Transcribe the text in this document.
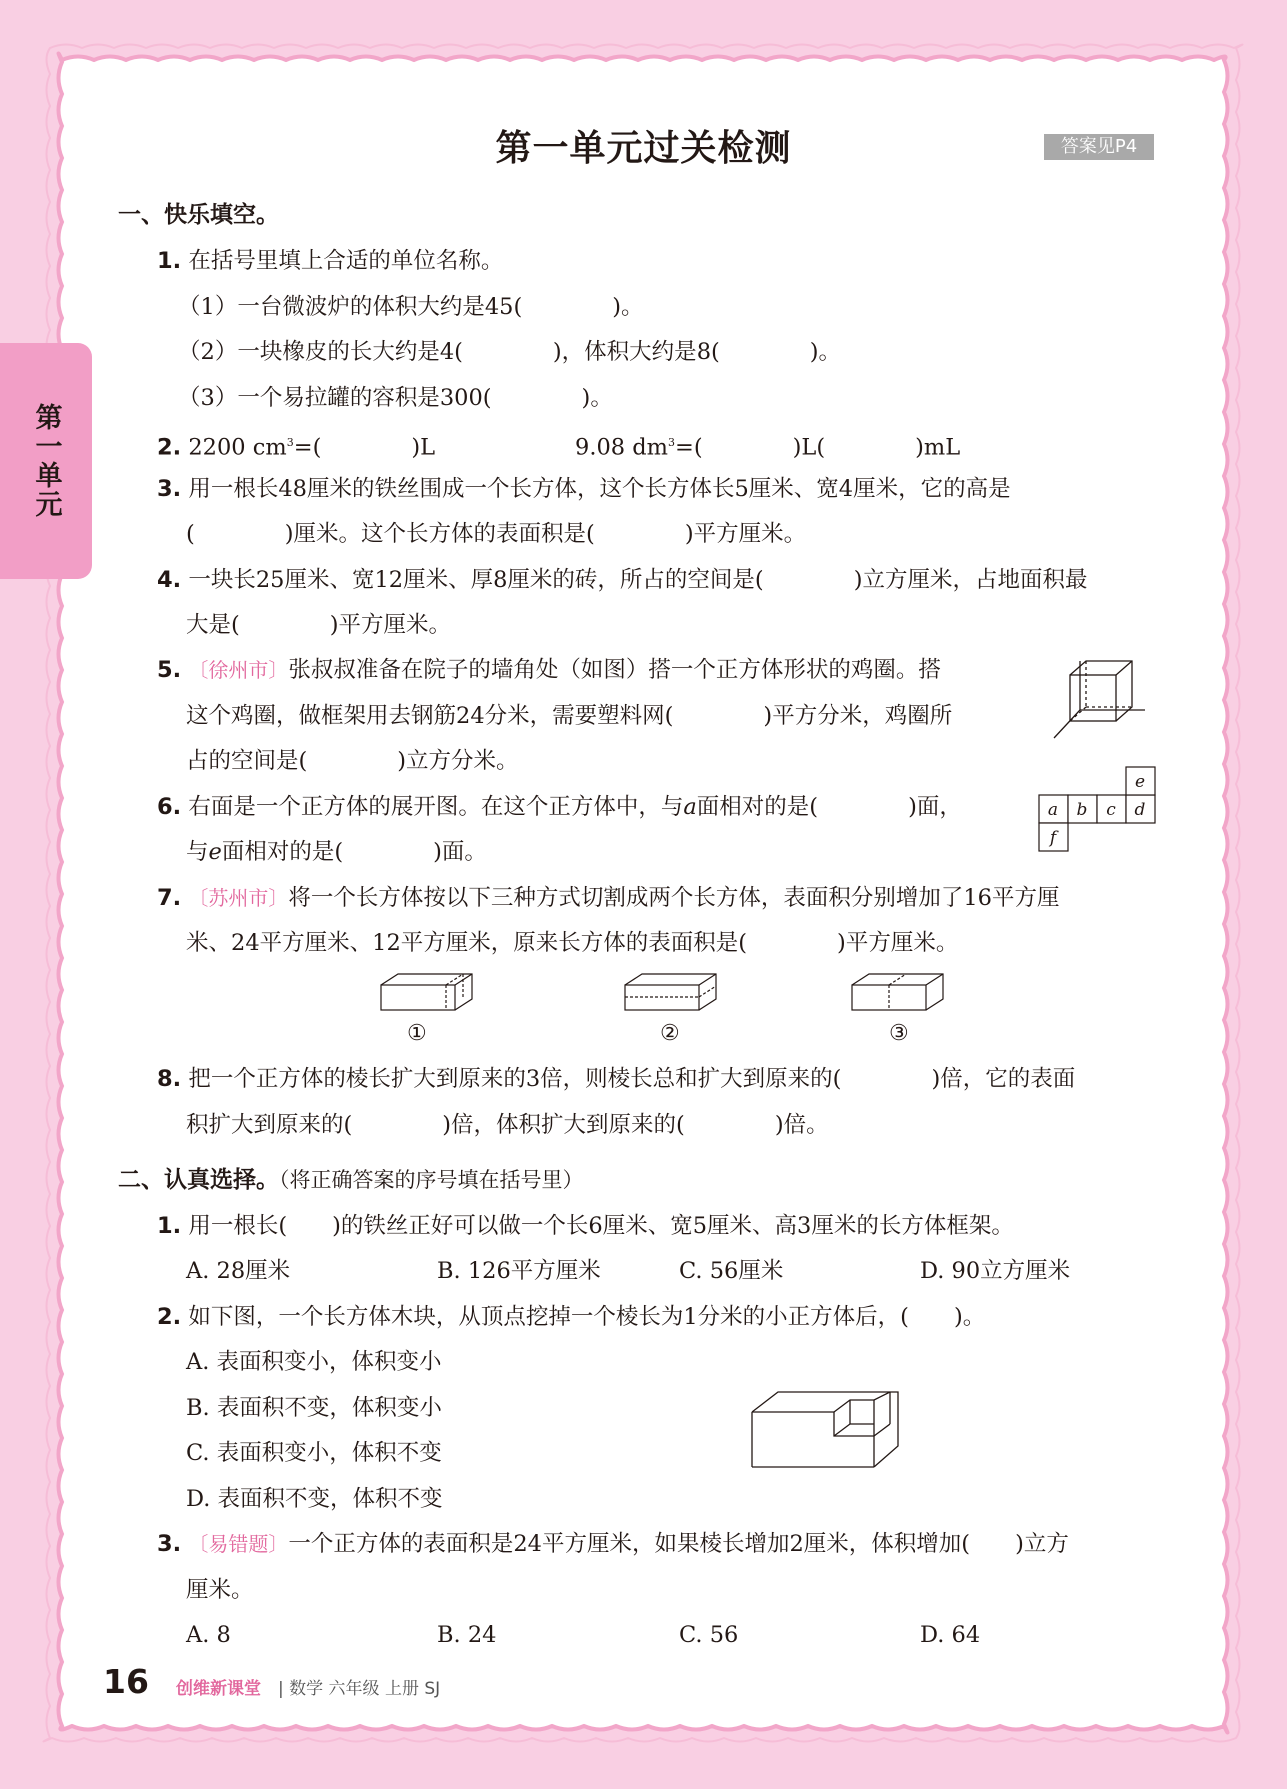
第一单元
第一单元过关检测	答案见P4
一、快乐填空。
1. 在括号里填上合适的单位名称。
（1）一台微波炉的体积大约是45(　　　　)。
（2）一块橡皮的长大约是4(　　　　)，体积大约是8(　　　　)。
（3）一个易拉罐的容积是300(　　　　)。
2. 2200 $cm^3=$(　　　　)L	9.08 $dm^3=$(　　　　)L(　　　　)mL
3. 用一根长48厘米的铁丝围成一个长方体，这个长方体长5厘米、宽4厘米，它的高是
(　　　　)厘米。这个长方体的表面积是(　　　　)平方厘米。
4. 一块长25厘米、宽12厘米、厚8厘米的砖，所占的空间是(　　　　)立方厘米，占地面积最
大是(　　　　)平方厘米。
5. 〔徐州市〕张叔叔准备在院子的墙角处（如图）搭一个正方体形状的鸡圈。搭
这个鸡圈，做框架用去钢筋24分米，需要塑料网(　　　　)平方分米，鸡圈所
占的空间是(　　　　)立方分米。
6. 右面是一个正方体的展开图。在这个正方体中，与a面相对的是(　　　　)面，
与e面相对的是(　　　　)面。
a b c d
e
f
7. 〔苏州市〕将一个长方体按以下三种方式切割成两个长方体，表面积分别增加了16平方厘
米、24平方厘米、12平方厘米，原来长方体的表面积是(　　　　)平方厘米。
①	②	③
8. 把一个正方体的棱长扩大到原来的3倍，则棱长总和扩大到原来的(　　　　)倍，它的表面
积扩大到原来的(　　　　)倍，体积扩大到原来的(　　　　)倍。
二、认真选择。（将正确答案的序号填在括号里）
1. 用一根长(　　)的铁丝正好可以做一个长6厘米、宽5厘米、高3厘米的长方体框架。
A. 28厘米	B. 126平方厘米	C. 56厘米	D. 90立方厘米
2. 如下图，一个长方体木块，从顶点挖掉一个棱长为1分米的小正方体后，(　　)。
A. 表面积变小，体积变小
B. 表面积不变，体积变小
C. 表面积变小，体积不变
D. 表面积不变，体积不变
3. 〔易错题〕一个正方体的表面积是24平方厘米，如果棱长增加2厘米，体积增加(　　)立方
厘米。
A. 8	B. 24	C. 56	D. 64
16 创维新课堂 | 数学 六年级 上册 SJ
